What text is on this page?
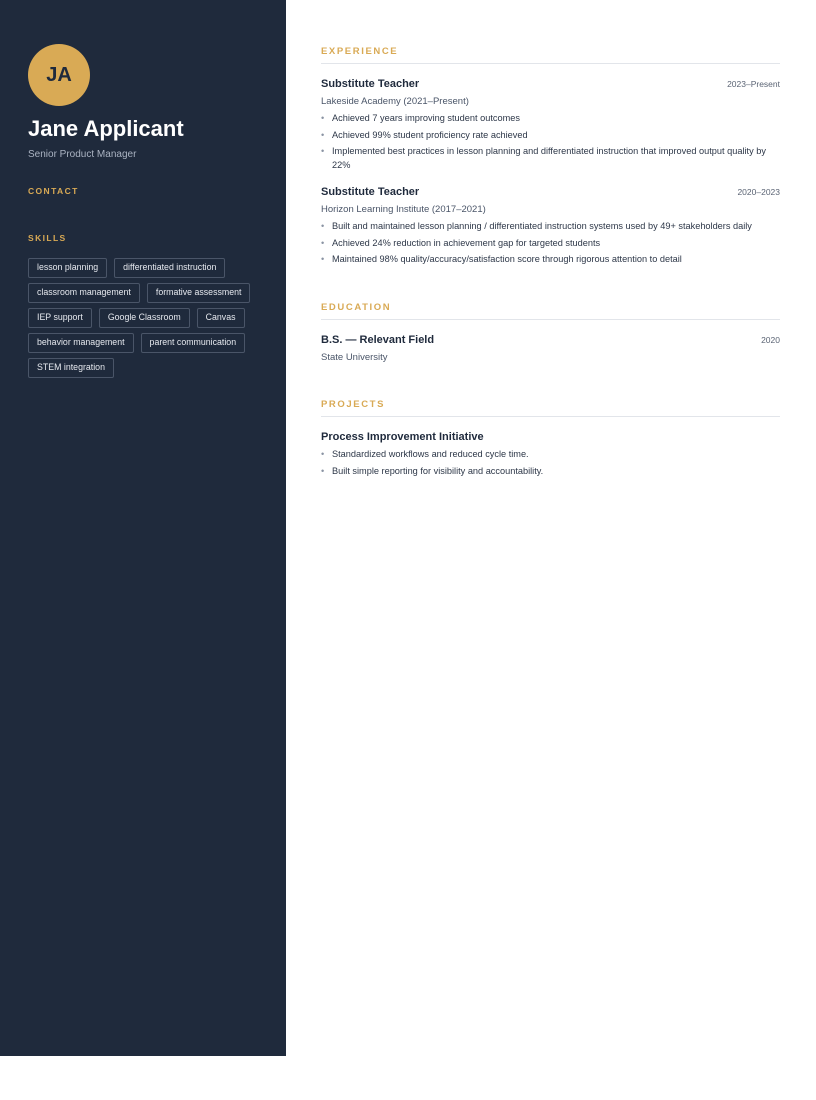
JA
Jane Applicant
Senior Product Manager
CONTACT
SKILLS
lesson planning	differentiated instruction
classroom management	formative assessment
IEP support	Google Classroom	Canvas
behavior management	parent communication
STEM integration
EXPERIENCE
Substitute Teacher	2023–Present
Lakeside Academy (2021–Present)
• Achieved 7 years improving student outcomes
• Achieved 99% student proficiency rate achieved
• Implemented best practices in lesson planning and differentiated instruction that improved output quality by 22%
Substitute Teacher	2020–2023
Horizon Learning Institute (2017–2021)
• Built and maintained lesson planning / differentiated instruction systems used by 49+ stakeholders daily
• Achieved 24% reduction in achievement gap for targeted students
• Maintained 98% quality/accuracy/satisfaction score through rigorous attention to detail
EDUCATION
B.S. — Relevant Field	2020
State University
PROJECTS
Process Improvement Initiative
• Standardized workflows and reduced cycle time.
• Built simple reporting for visibility and accountability.
